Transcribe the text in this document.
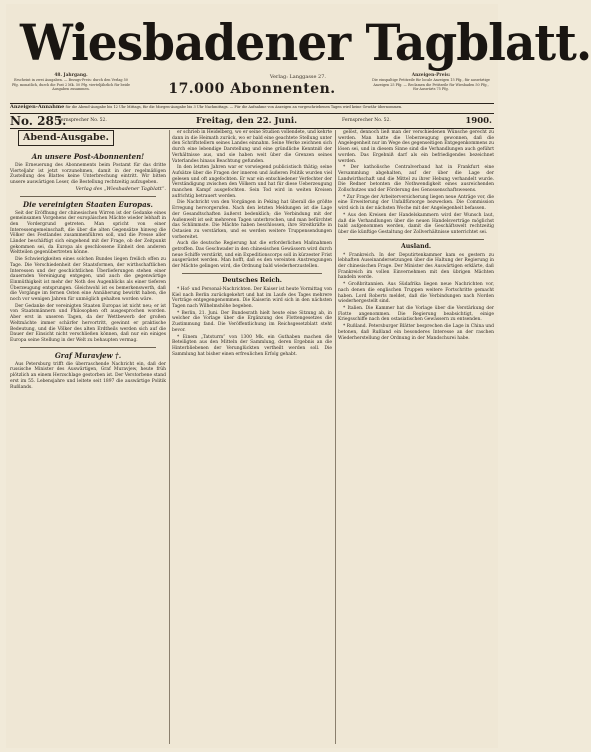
Wiesbadener Tagblatt.
48. Jahrgang.
Erscheint in zwei Ausgaben. — Bezugs-Preis: durch den Verlag 50 Pfg. monatlich, durch die Post 2 Mk. 50 Pfg. vierteljährlich für beide Ausgaben zusammen.
Verlag: Langgasse 27.
17.000 Abonnenten.
Anzeigen-Preis:
Die einspaltige Petitzeile für locale Anzeigen 15 Pfg., für auswärtige Anzeigen 25 Pfg. — Reclamen die Petitzeile für Wiesbaden 50 Pfg., für Auswärts 75 Pfg.
Anzeigen-Annahme für die Abend-Ausgabe bis 12 Uhr Mittags, für die Morgen-Ausgabe bis 3 Uhr Nachmittags. — Für die Aufnahme von Anzeigen an vorgeschriebenen Tagen wird keine Gewähr übernommen.
No. 285.
Fernsprecher No. 52.	Freitag, den 22. Juni.	Fernsprecher No. 52.	1900.
Abend-Ausgabe.
An unsere Post-Abonnenten!

Die Erneuerung des Abonnements beim Postamt für das dritte Vierteljahr ist jetzt vorzunehmen, damit in der regelmäßigen Zustellung des Blattes keine Unterbrechung eintritt. Wir bitten unsere auswärtigen Leser, die Bestellung rechtzeitig aufzugeben.

Verlag des „Wiesbadener Tagblatt“.
Die vereinigten Staaten Europas.

Seit der Eröffnung der chinesischen Wirren ist der Gedanke eines gemeinsamen Vorgehens der europäischen Mächte wieder lebhaft in den Vordergrund getreten. Man spricht von einer Interessengemeinschaft, die über die alten Gegensätze hinweg die Völker des Festlandes zusammenführen soll, und die Presse aller Länder beschäftigt sich eingehend mit der Frage, ob der Zeitpunkt gekommen sei, da Europa als geschlossene Einheit den anderen Weltteilen gegenübertreten könne.

Die Schwierigkeiten eines solchen Bundes liegen freilich offen zu Tage. Die Verschiedenheit der Staatsformen, der wirthschaftlichen Interessen und der geschichtlichen Überlieferungen stehen einer dauernden Vereinigung entgegen, und auch die gegenwärtige Einmüthigkeit ist mehr der Noth des Augenblicks als einer tieferen Überzeugung entsprungen. Gleichwohl ist es bemerkenswerth, daß die Vorgänge im fernen Osten eine Annäherung bewirkt haben, die noch vor wenigen Jahren für unmöglich gehalten worden wäre.

Der Gedanke der vereinigten Staaten Europas ist nicht neu; er ist von Staatsmännern und Philosophen oft ausgesprochen worden. Aber erst in unseren Tagen, da der Wettbewerb der großen Weltmächte immer schärfer hervortritt, gewinnt er praktische Bedeutung, und die Völker des alten Erdtheils werden sich auf die Dauer der Einsicht nicht verschließen können, daß nur ein einiges Europa seine Stellung in der Welt zu behaupten vermag.

Graf Muravjew †.

Aus Petersburg trifft die überraschende Nachricht ein, daß der russische Minister des Auswärtigen, Graf Muravjew, heute früh plötzlich an einem Herzschlage gestorben ist. Der Verstorbene stand erst im 55. Lebensjahre und leitete seit 1897 die auswärtige Politik Rußlands.

er schrieb in Heidelberg, wo er seine Studien vollendete, und kehrte dann in die Heimath zurück, wo er bald eine geachtete Stellung unter den Schriftstellern seines Landes einnahm. Seine Werke zeichnen sich durch eine lebendige Darstellung und eine gründliche Kenntniß der Verhältnisse aus, und sie haben weit über die Grenzen seines Vaterlandes hinaus Beachtung gefunden.

In den letzten Jahren war er vorwiegend publicistisch thätig; seine Aufsätze über die Fragen der inneren und äußeren Politik wurden viel gelesen und oft angefochten. Er war ein entschiedener Verfechter der Verständigung zwischen den Völkern und hat für diese Ueberzeugung manchen Kampf ausgefochten. Sein Tod wird in weiten Kreisen aufrichtig betrauert werden.

Die Nachricht von den Vorgängen in Peking hat überall die größte Erregung hervorgerufen. Nach den letzten Meldungen ist die Lage der Gesandtschaften äußerst bedenklich; die Verbindung mit der Außenwelt ist seit mehreren Tagen unterbrochen, und man befürchtet das Schlimmste. Die Mächte haben beschlossen, ihre Streitkräfte in Ostasien zu verstärken, und es werden weitere Truppensendungen vorbereitet.

Auch die deutsche Regierung hat die erforderlichen Maßnahmen getroffen. Das Geschwader in den chinesischen Gewässern wird durch neue Schiffe verstärkt, und ein Expeditionscorps soll in kürzester Frist ausgerüstet werden. Man hofft, daß es den vereinten Anstrengungen der Mächte gelingen wird, die Ordnung bald wiederherzustellen.

Deutsches Reich.

* Hof- und Personal-Nachrichten. Der Kaiser ist heute Vormittag von Kiel nach Berlin zurückgekehrt und hat im Laufe des Tages mehrere Vorträge entgegengenommen. Die Kaiserin wird sich in den nächsten Tagen nach Wilhelmshöhe begeben.

* Berlin, 21. Juni. Der Bundesrath hielt heute eine Sitzung ab, in welcher die Vorlage über die Ergänzung des Flottengesetzes die Zustimmung fand. Die Veröffentlichung im Reichsgesetzblatt steht bevor.

* Einem „Tatsturm“ von 1300 Mk. ein Guthaben machen die Beteiligten aus den Mitteln der Sammlung, deren Ergebnis an die Hinterbliebenen der Verunglückten vertheilt werden soll. Die Sammlung hat bisher einen erfreulichen Erfolg gehabt.

gelöst, dennoch ließ man der verschiedenen Wünsche gerecht zu werden. Man hatte die Ueberzeugung gewonnen, daß die Angelegenheit nur im Wege des gegenseitigen Entgegenkommens zu lösen sei, und in diesem Sinne sind die Verhandlungen auch geführt worden. Das Ergebniß darf als ein befriedigendes bezeichnet werden.

* Der katholische Centralverband hat in Frankfurt eine Versammlung abgehalten, auf der über die Lage der Landwirthschaft und die Mittel zu ihrer Hebung verhandelt wurde. Die Redner betonten die Nothwendigkeit eines ausreichenden Zollschutzes und der Förderung des Genossenschaftswesens.

* Zur Frage der Arbeiterversicherung liegen neue Anträge vor, die eine Erweiterung der Unfallfürsorge bezwecken. Die Commission wird sich in der nächsten Woche mit der Angelegenheit befassen.

* Aus den Kreisen der Handelskammern wird der Wunsch laut, daß die Verhandlungen über die neuen Handelsverträge möglichst bald aufgenommen werden, damit die Geschäftswelt rechtzeitig über die künftige Gestaltung der Zollverhältnisse unterrichtet sei.

Ausland.

* Frankreich. In der Deputirtenkammer kam es gestern zu lebhaften Auseinandersetzungen über die Haltung der Regierung in der chinesischen Frage. Der Minister des Auswärtigen erklärte, daß Frankreich im vollen Einvernehmen mit den übrigen Mächten handeln werde.

* Großbritannien. Aus Südafrika liegen neue Nachrichten vor, nach denen die englischen Truppen weitere Fortschritte gemacht haben. Lord Roberts meldet, daß die Verbindungen nach Norden wiederhergestellt sind.

* Italien. Die Kammer hat die Vorlage über die Verstärkung der Flotte angenommen. Die Regierung beabsichtigt, einige Kriegsschiffe nach den ostasiatischen Gewässern zu entsenden.

* Rußland. Petersburger Blätter besprechen die Lage in China und betonen, daß Rußland ein besonderes Interesse an der raschen Wiederherstellung der Ordnung in der Mandschurei habe.
